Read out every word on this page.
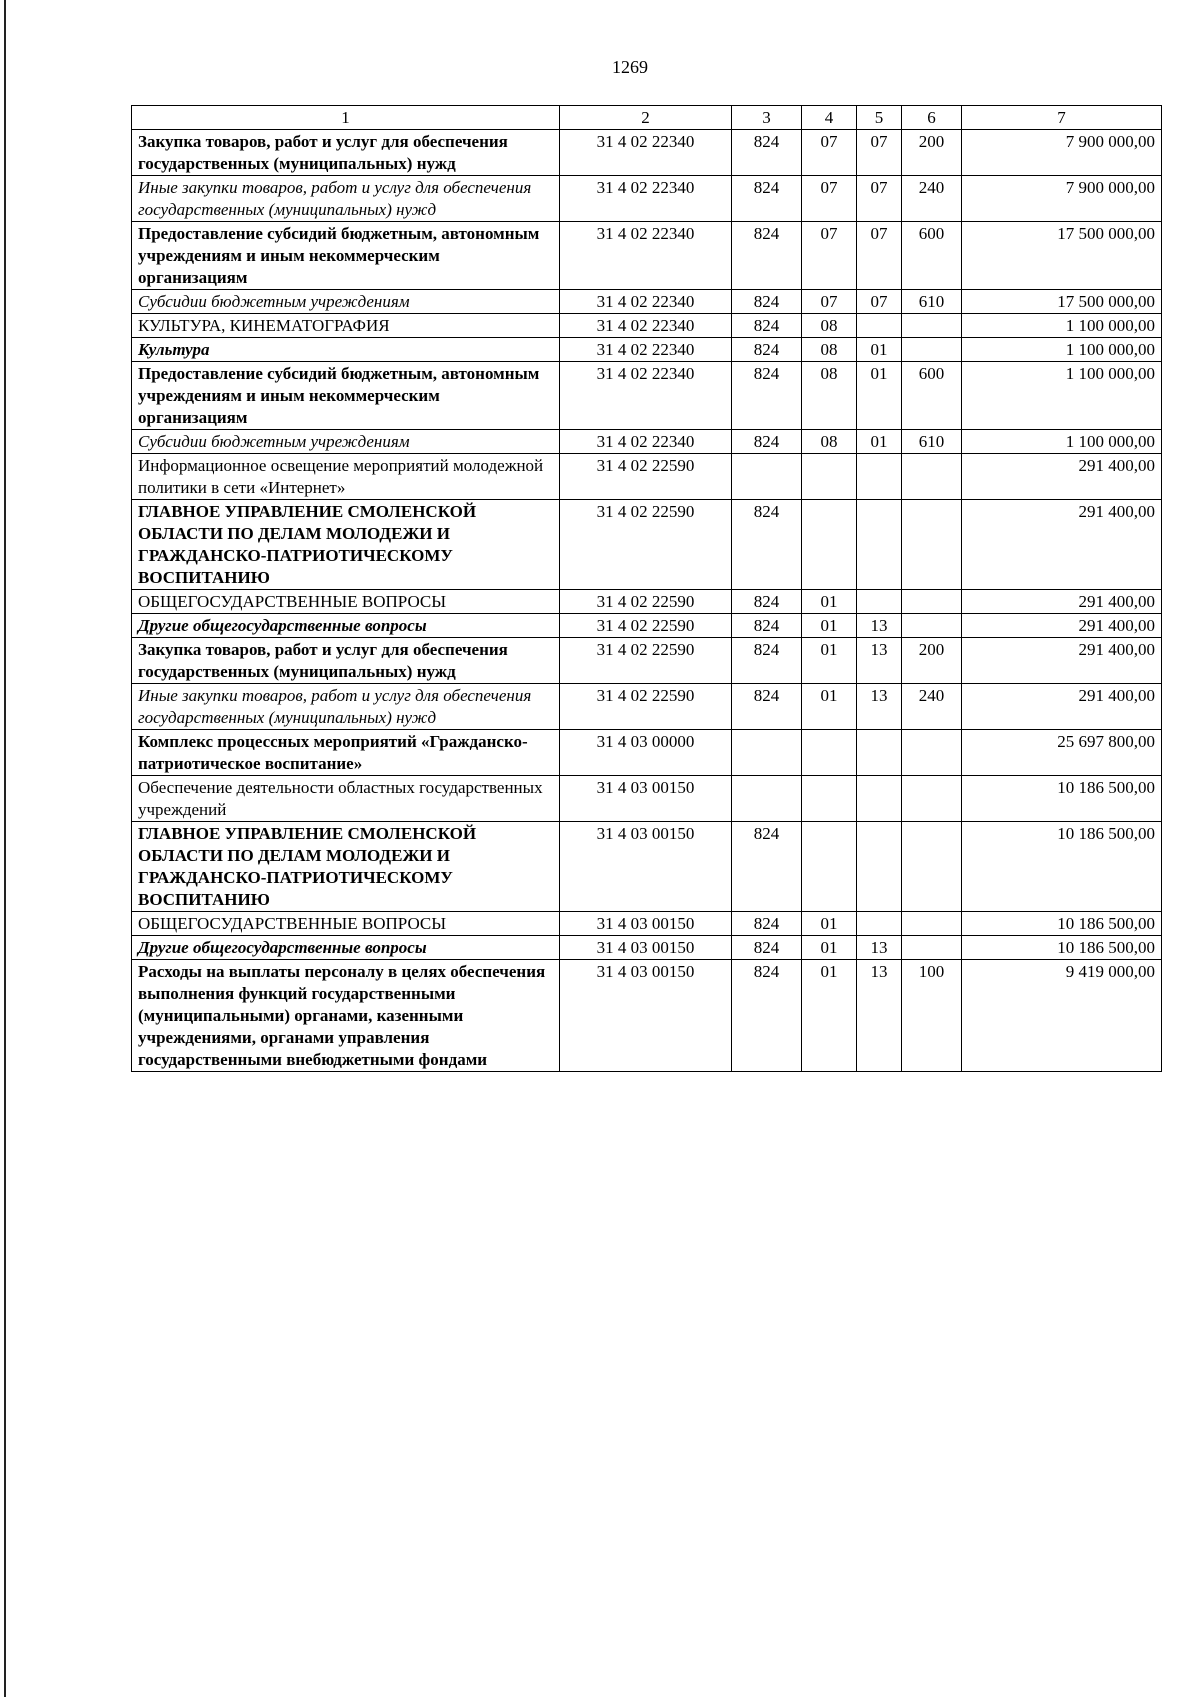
1269
1	2	3	4	5	6	7
Закупка товаров, работ и услуг для обеспечения государственных (муниципальных) нужд	31 4 02 22340	824	07	07	200	7 900 000,00
Иные закупки товаров, работ и услуг для обеспечения государственных (муниципальных) нужд	31 4 02 22340	824	07	07	240	7 900 000,00
Предоставление субсидий бюджетным, автономным учреждениям и иным некоммерческим организациям	31 4 02 22340	824	07	07	600	17 500 000,00
Субсидии бюджетным учреждениям	31 4 02 22340	824	07	07	610	17 500 000,00
КУЛЬТУРА, КИНЕМАТОГРАФИЯ	31 4 02 22340	824	08			1 100 000,00
Культура	31 4 02 22340	824	08	01		1 100 000,00
Предоставление субсидий бюджетным, автономным учреждениям и иным некоммерческим организациям	31 4 02 22340	824	08	01	600	1 100 000,00
Субсидии бюджетным учреждениям	31 4 02 22340	824	08	01	610	1 100 000,00
Информационное освещение мероприятий молодежной политики в сети «Интернет»	31 4 02 22590					291 400,00
ГЛАВНОЕ УПРАВЛЕНИЕ СМОЛЕНСКОЙ ОБЛАСТИ ПО ДЕЛАМ МОЛОДЕЖИ И ГРАЖДАНСКО-ПАТРИОТИЧЕСКОМУ ВОСПИТАНИЮ	31 4 02 22590	824				291 400,00
ОБЩЕГОСУДАРСТВЕННЫЕ ВОПРОСЫ	31 4 02 22590	824	01			291 400,00
Другие общегосударственные вопросы	31 4 02 22590	824	01	13		291 400,00
Закупка товаров, работ и услуг для обеспечения государственных (муниципальных) нужд	31 4 02 22590	824	01	13	200	291 400,00
Иные закупки товаров, работ и услуг для обеспечения государственных (муниципальных) нужд	31 4 02 22590	824	01	13	240	291 400,00
Комплекс процессных мероприятий «Гражданско-патриотическое воспитание»	31 4 03 00000					25 697 800,00
Обеспечение деятельности областных государственных учреждений	31 4 03 00150					10 186 500,00
ГЛАВНОЕ УПРАВЛЕНИЕ СМОЛЕНСКОЙ ОБЛАСТИ ПО ДЕЛАМ МОЛОДЕЖИ И ГРАЖДАНСКО-ПАТРИОТИЧЕСКОМУ ВОСПИТАНИЮ	31 4 03 00150	824				10 186 500,00
ОБЩЕГОСУДАРСТВЕННЫЕ ВОПРОСЫ	31 4 03 00150	824	01			10 186 500,00
Другие общегосударственные вопросы	31 4 03 00150	824	01	13		10 186 500,00
Расходы на выплаты персоналу в целях обеспечения выполнения функций государственными (муниципальными) органами, казенными учреждениями, органами управления государственными внебюджетными фондами	31 4 03 00150	824	01	13	100	9 419 000,00
